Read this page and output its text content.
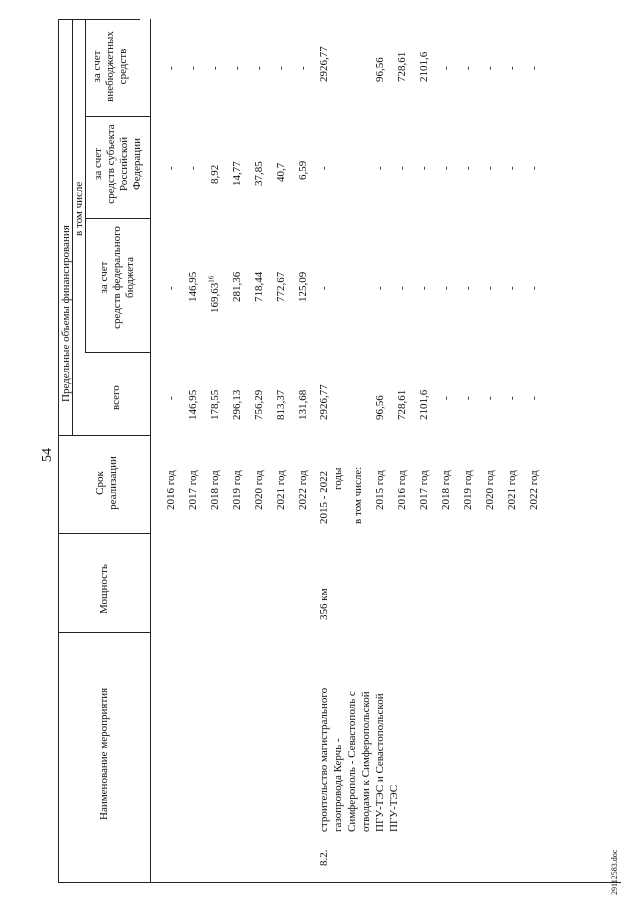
54
Наименование мероприятия
Мощность
Срок
реализации
Предельные объемы финансирования
в том числе
всего
за счет
средств федерального
бюджета
за счет
средств субъекта
Российской
Федерации
за счет
внебюджетных
средств
2016 год
-
-
-
-
2017 год
146,95
146,95
-
-
2018 год
178,55
169,63$^{16}$
8,92
-
2019 год
296,13
281,36
14,77
-
2020 год
756,29
718,44
37,85
-
2021 год
813,37
772,67
40,7
-
2022 год
131,68
125,09
6,59
-
8.2.
строительство магистрального газопровода Керчь - Симферополь - Севастополь с отводами к Симферопольской ПГУ-ТЭС и Севастопольской ПГУ-ТЭС
356 км
2015 - 2022 годы
2926,77
-
-
2926,77
в том числе: 2015 год
96,56
-
-
96,56
2016 год
728,61
-
-
728,61
2017 год
2101,6
-
-
2101,6
2018 год
-
-
-
-
2019 год
-
-
-
-
2020 год
-
-
-
-
2021 год
-
-
-
-
2022 год
-
-
-
-
29112583.doc
